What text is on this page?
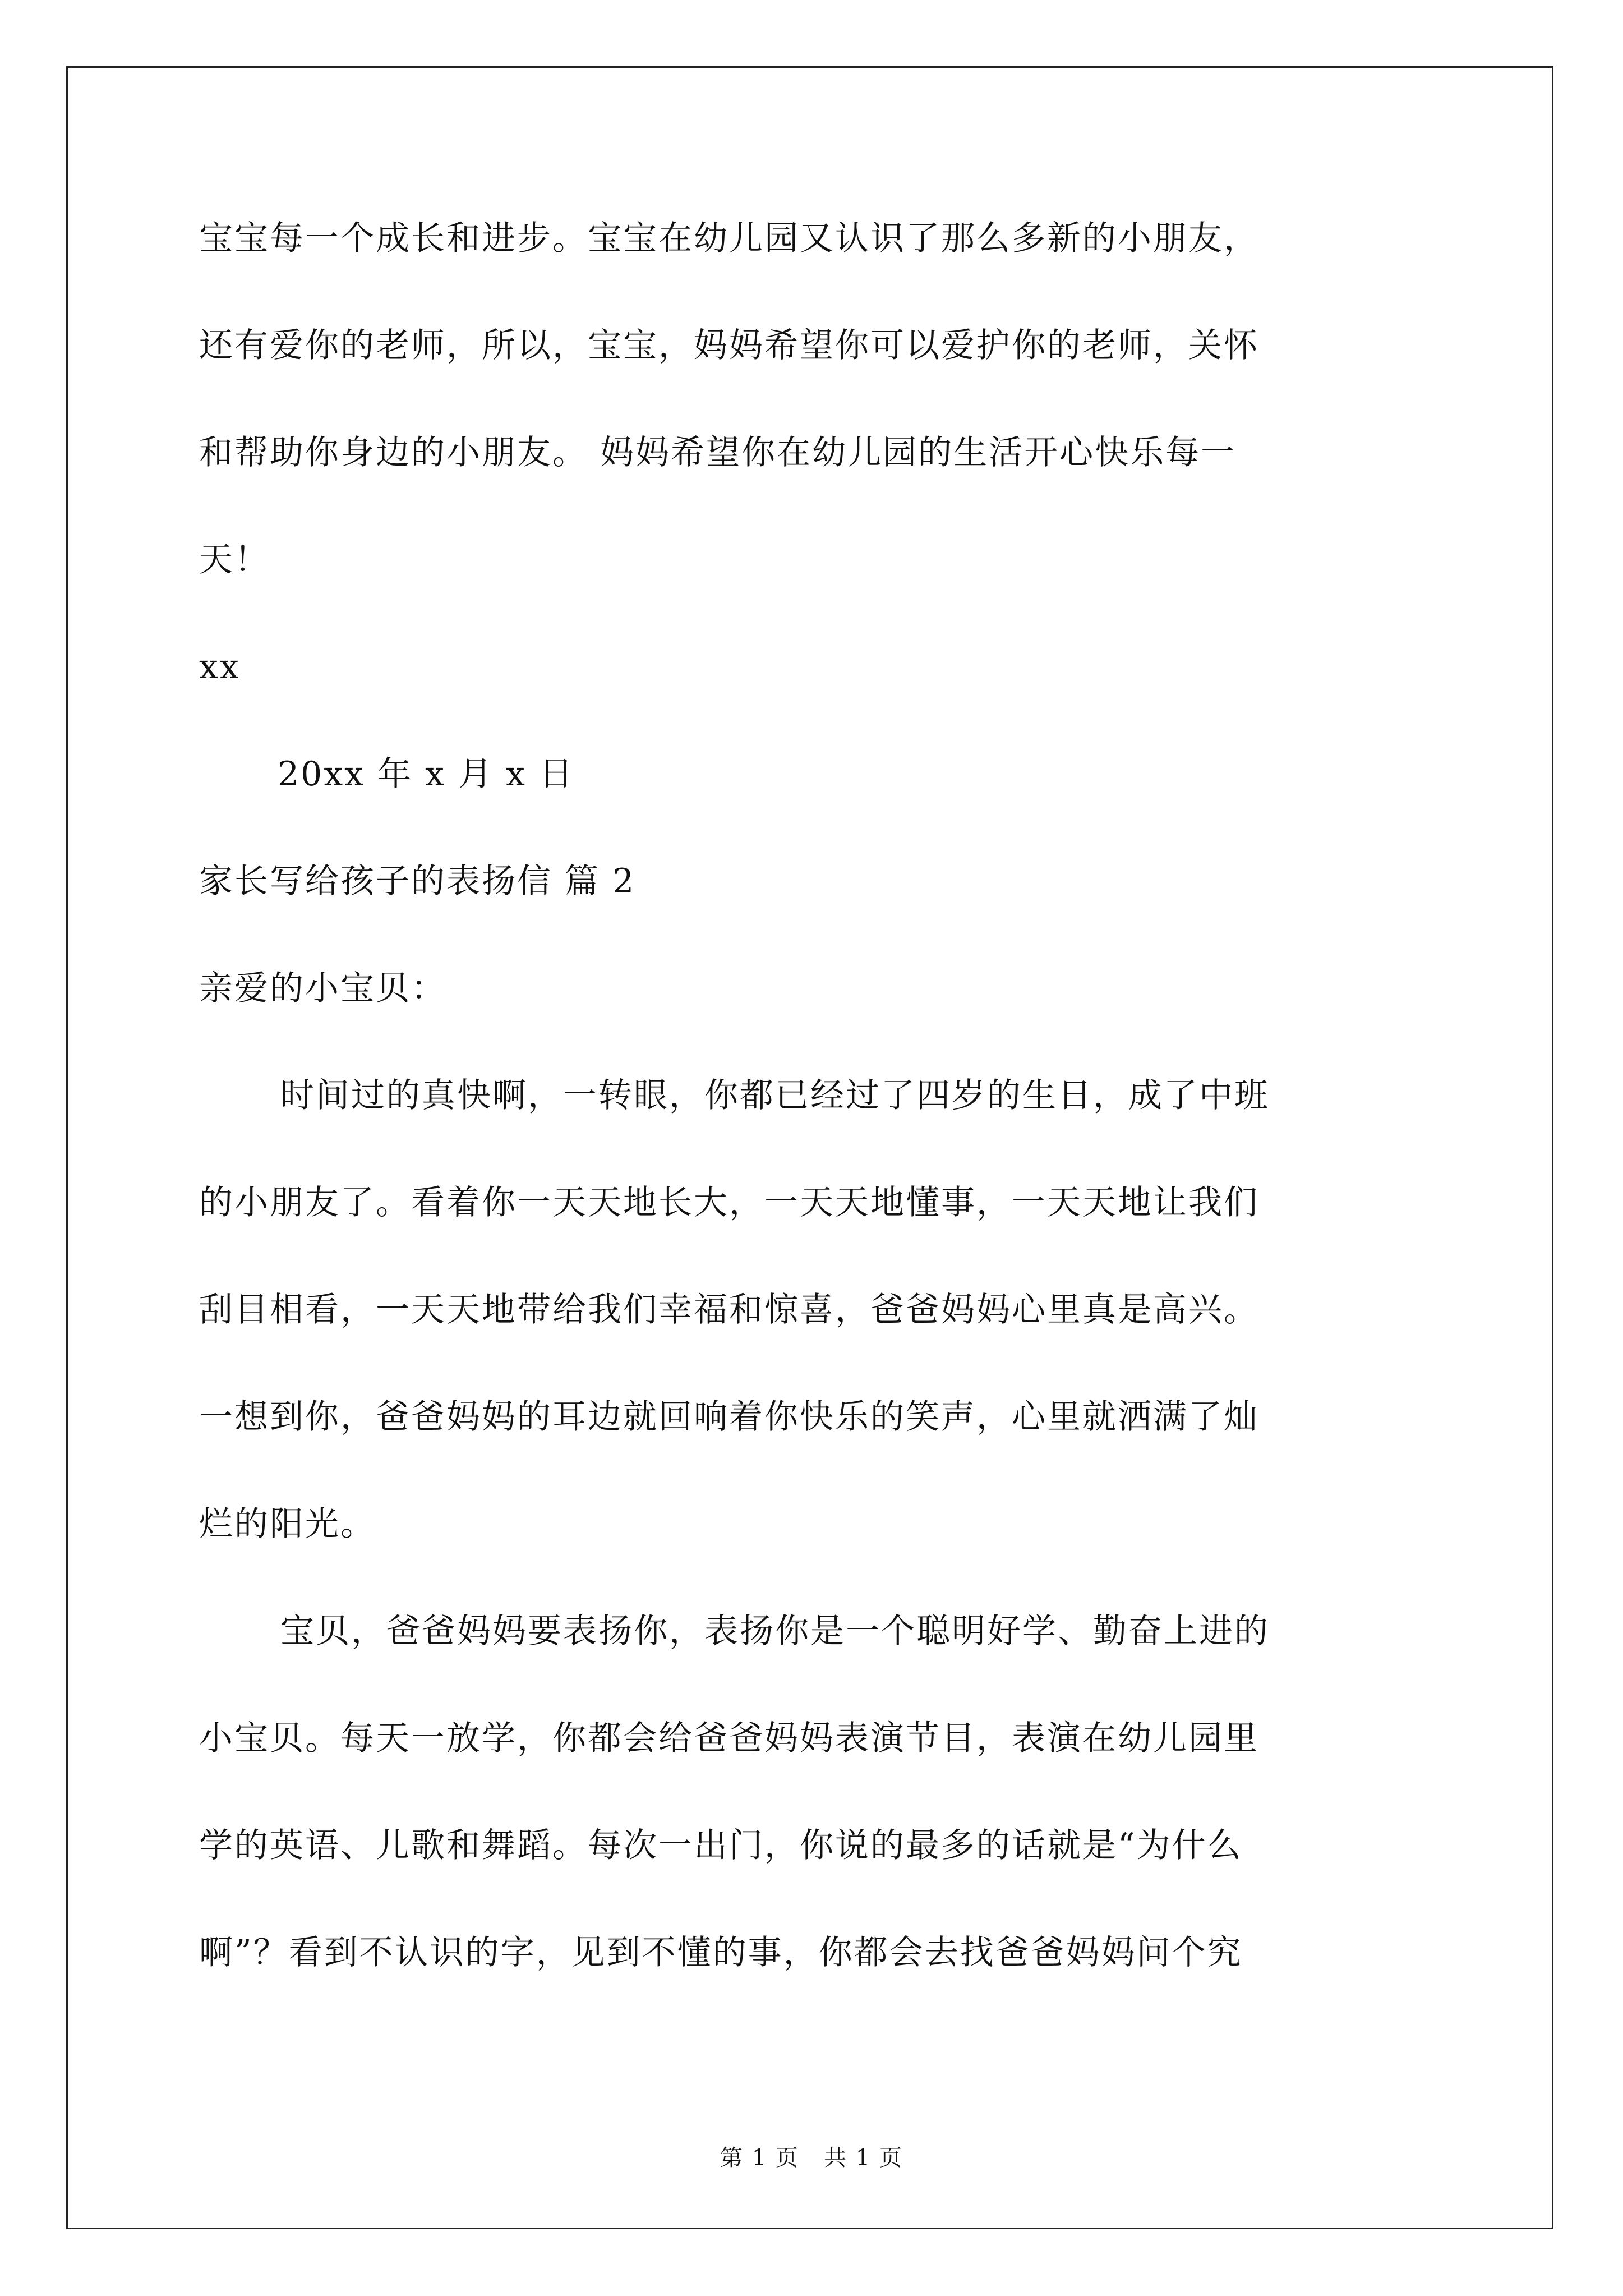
宝宝每一个成长和进步。宝宝在幼儿园又认识了那么多新的小朋友，
还有爱你的老师，所以，宝宝，妈妈希望你可以爱护你的老师，关怀
和帮助你身边的小朋友。 妈妈希望你在幼儿园的生活开心快乐每一
天！
xx
20xx 年 x 月 x 日
家长写给孩子的表扬信 篇 2
亲爱的小宝贝：
时间过的真快啊，一转眼，你都已经过了四岁的生日，成了中班
的小朋友了。看着你一天天地长大，一天天地懂事，一天天地让我们
刮目相看，一天天地带给我们幸福和惊喜，爸爸妈妈心里真是高兴。
一想到你，爸爸妈妈的耳边就回响着你快乐的笑声，心里就洒满了灿
烂的阳光。
宝贝，爸爸妈妈要表扬你，表扬你是一个聪明好学、勤奋上进的
小宝贝。每天一放学，你都会给爸爸妈妈表演节目，表演在幼儿园里
学的英语、儿歌和舞蹈。每次一出门，你说的最多的话就是“为什么
啊”？看到不认识的字，见到不懂的事，你都会去找爸爸妈妈问个究
第 1 页   共 1 页
